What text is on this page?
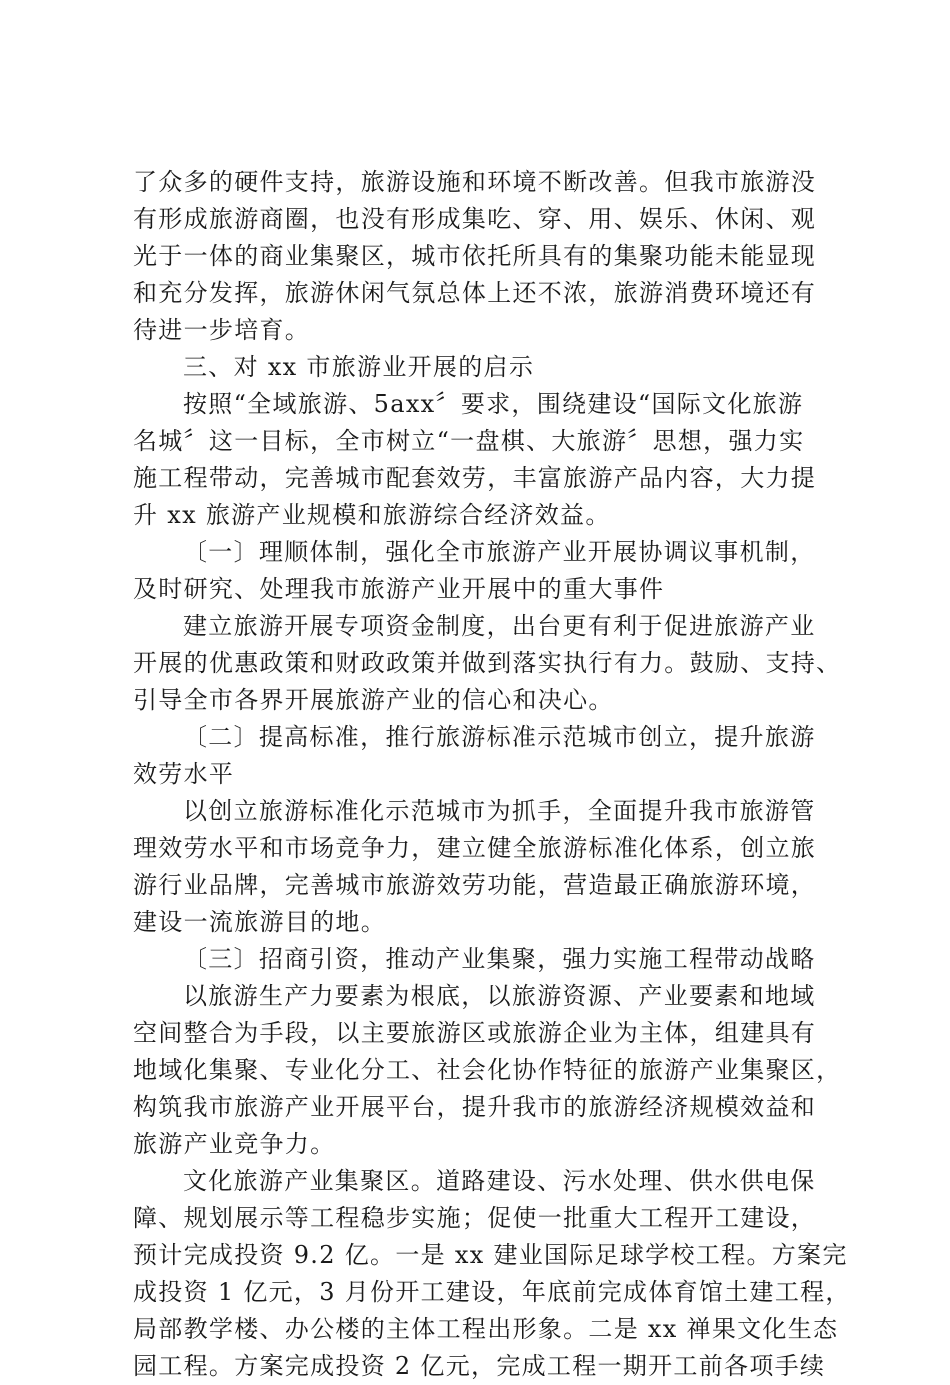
了众多的硬件支持，旅游设施和环境不断改善。但我市旅游没
有形成旅游商圈，也没有形成集吃、穿、用、娱乐、休闲、观
光于一体的商业集聚区，城市依托所具有的集聚功能未能显现
和充分发挥，旅游休闲气氛总体上还不浓，旅游消费环境还有
待进一步培育。
三、对 xx 市旅游业开展的启示
按照“全域旅游、5axx〞要求，围绕建设“国际文化旅游
名城〞这一目标，全市树立“一盘棋、大旅游〞思想，强力实
施工程带动，完善城市配套效劳，丰富旅游产品内容，大力提
升 xx 旅游产业规模和旅游综合经济效益。
〔一〕理顺体制，强化全市旅游产业开展协调议事机制，
及时研究、处理我市旅游产业开展中的重大事件
建立旅游开展专项资金制度，出台更有利于促进旅游产业
开展的优惠政策和财政政策并做到落实执行有力。鼓励、支持、
引导全市各界开展旅游产业的信心和决心。
〔二〕提高标准，推行旅游标准示范城市创立，提升旅游
效劳水平
以创立旅游标准化示范城市为抓手，全面提升我市旅游管
理效劳水平和市场竞争力，建立健全旅游标准化体系，创立旅
游行业品牌，完善城市旅游效劳功能，营造最正确旅游环境，
建设一流旅游目的地。
〔三〕招商引资，推动产业集聚，强力实施工程带动战略
以旅游生产力要素为根底，以旅游资源、产业要素和地域
空间整合为手段，以主要旅游区或旅游企业为主体，组建具有
地域化集聚、专业化分工、社会化协作特征的旅游产业集聚区，
构筑我市旅游产业开展平台，提升我市的旅游经济规模效益和
旅游产业竞争力。
文化旅游产业集聚区。道路建设、污水处理、供水供电保
障、规划展示等工程稳步实施；促使一批重大工程开工建设，
预计完成投资 9.2 亿。一是 xx 建业国际足球学校工程。方案完
成投资 1 亿元，3 月份开工建设，年底前完成体育馆土建工程，
局部教学楼、办公楼的主体工程出形象。二是 xx 禅果文化生态
园工程。方案完成投资 2 亿元，完成工程一期开工前各项手续
